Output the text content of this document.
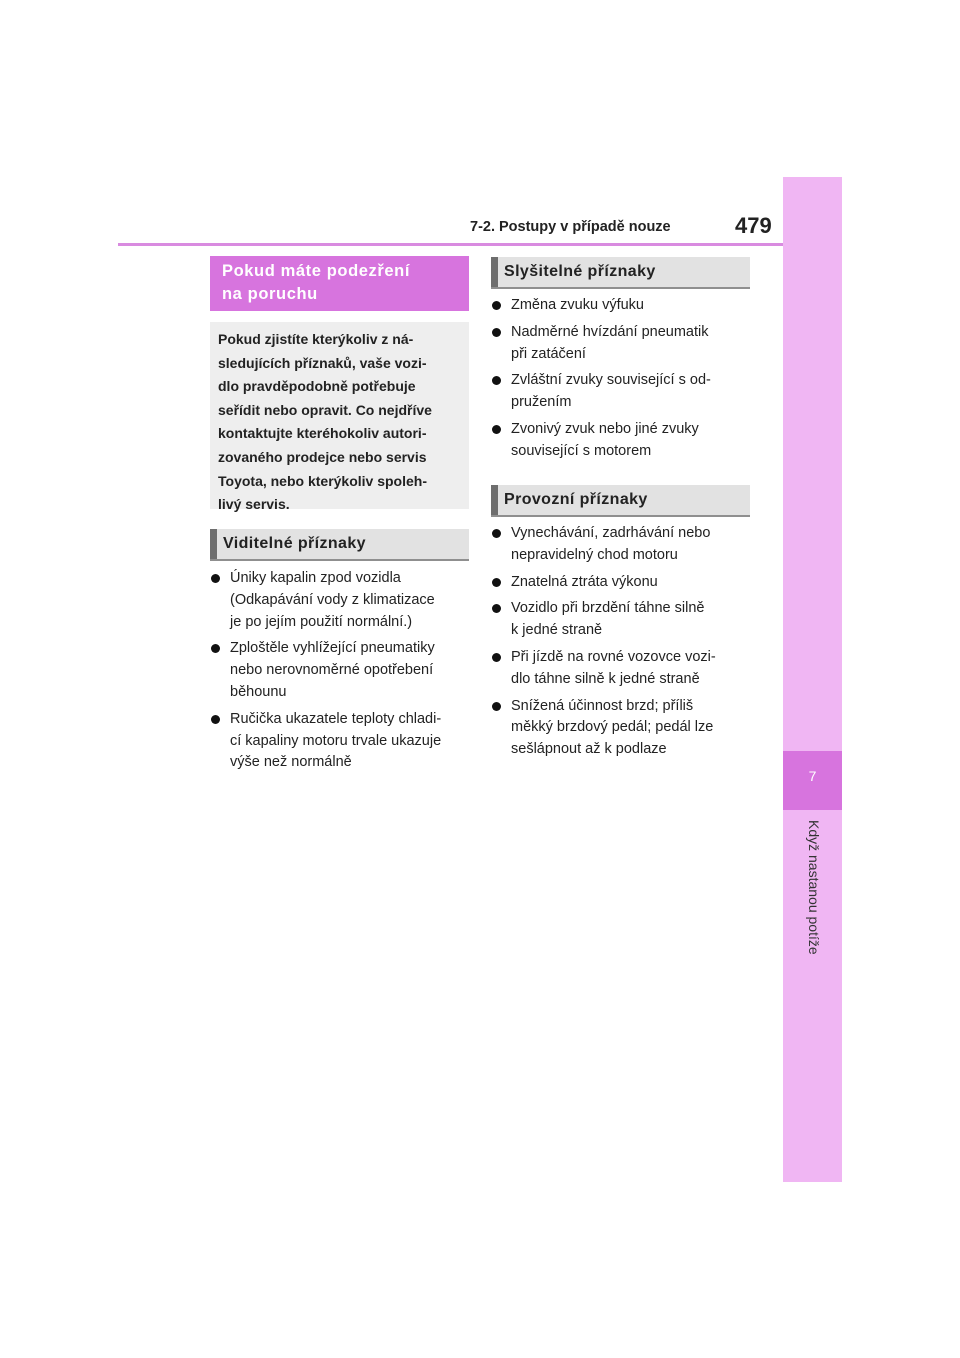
7-2. Postupy v případě nouze	479
7
Když nastanou potíže
Pokud máte podezření
na poruchu
Pokud zjistíte kterýkoliv z ná-
sledujících příznaků, vaše vozi-
dlo pravděpodobně potřebuje
seřídit nebo opravit. Co nejdříve
kontaktujte kteréhokoliv autori-
zovaného prodejce nebo servis
Toyota, nebo kterýkoliv spoleh-
livý servis.
Viditelné příznaky
Úniky kapalin zpod vozidla
(Odkapávání vody z klimatizace
je po jejím použití normální.)
Zploštěle vyhlížející pneumatiky
nebo nerovnoměrné opotřebení
běhounu
Ručička ukazatele teploty chladi-
cí kapaliny motoru trvale ukazuje
výše než normálně
Slyšitelné příznaky
Změna zvuku výfuku
Nadměrné hvízdání pneumatik
při zatáčení
Zvláštní zvuky související s od-
pružením
Zvonivý zvuk nebo jiné zvuky
související s motorem
Provozní příznaky
Vynechávání, zadrhávání nebo
nepravidelný chod motoru
Znatelná ztráta výkonu
Vozidlo při brzdění táhne silně
k jedné straně
Při jízdě na rovné vozovce vozi-
dlo táhne silně k jedné straně
Snížená účinnost brzd; příliš
měkký brzdový pedál; pedál lze
sešlápnout až k podlaze
